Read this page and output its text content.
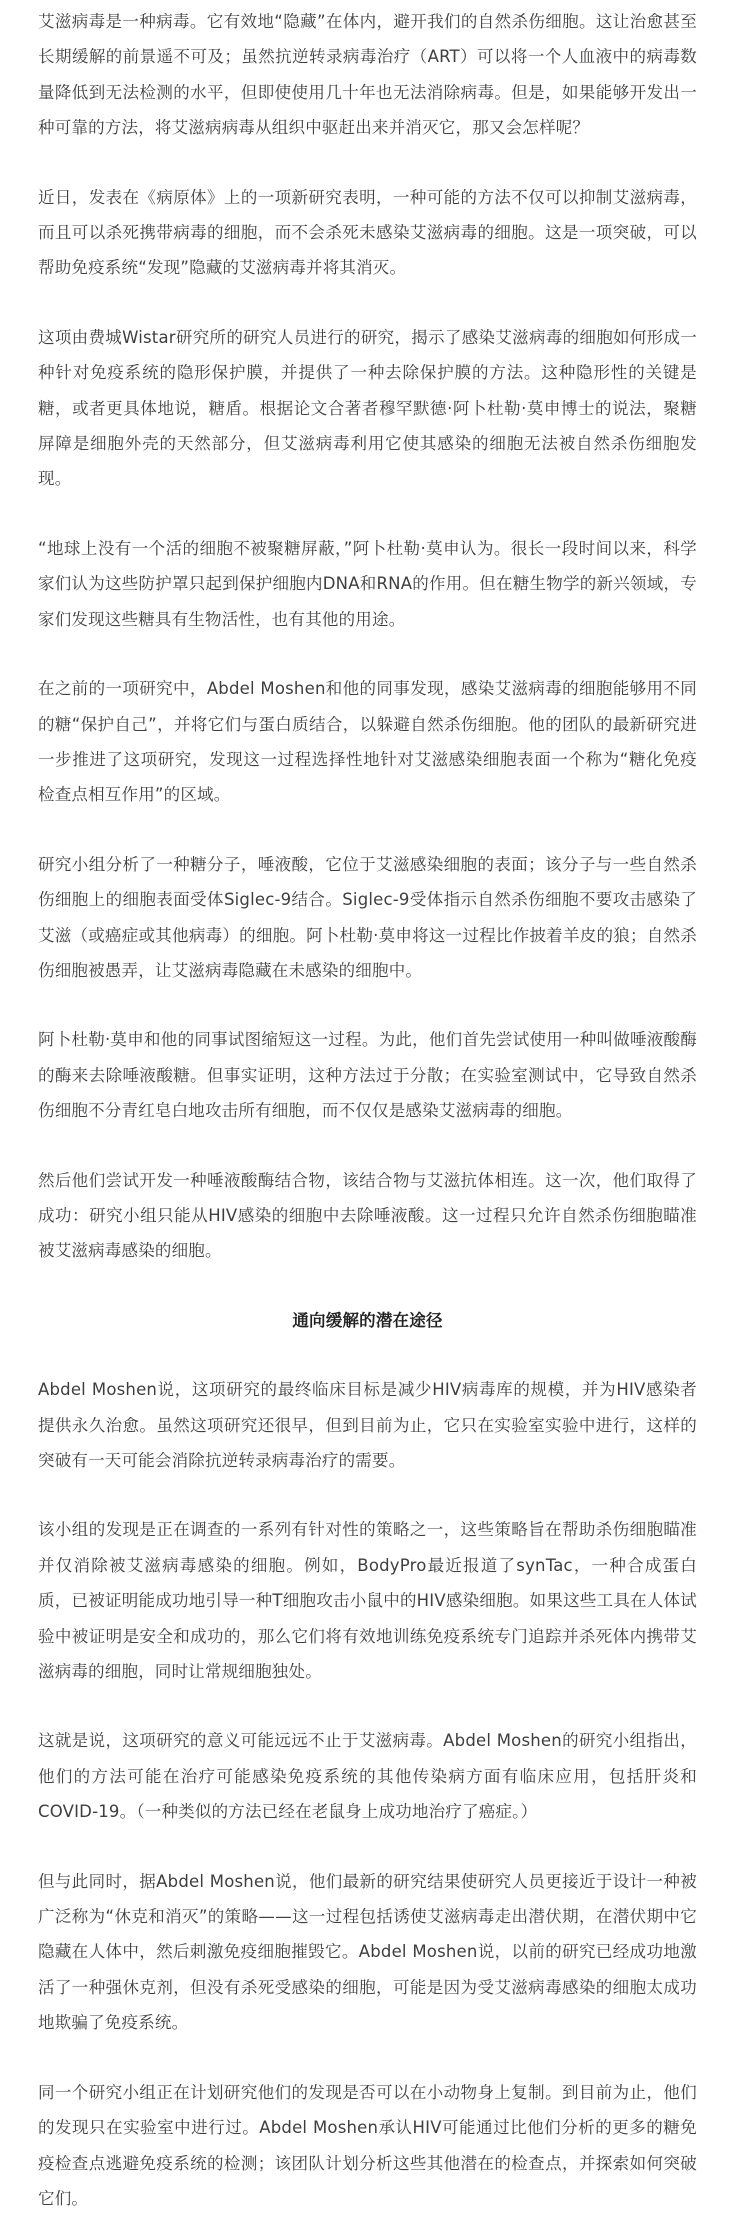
艾滋病毒是一种病毒。它有效地“隐藏”在体内，避开我们的自然杀伤细胞。这让治愈甚至长期缓解的前景遥不可及；虽然抗逆转录病毒治疗（ART）可以将一个人血液中的病毒数量降低到无法检测的水平，但即使使用几十年也无法消除病毒。但是，如果能够开发出一种可靠的方法，将艾滋病病毒从组织中驱赶出来并消灭它，那又会怎样呢？

近日，发表在《病原体》上的一项新研究表明，一种可能的方法不仅可以抑制艾滋病毒，而且可以杀死携带病毒的细胞，而不会杀死未感染艾滋病毒的细胞。这是一项突破，可以帮助免疫系统“发现”隐藏的艾滋病毒并将其消灭。

这项由费城Wistar研究所的研究人员进行的研究，揭示了感染艾滋病毒的细胞如何形成一种针对免疫系统的隐形保护膜，并提供了一种去除保护膜的方法。这种隐形性的关键是糖，或者更具体地说，糖盾。根据论文合著者穆罕默德·阿卜杜勒·莫申博士的说法，聚糖屏障是细胞外壳的天然部分，但艾滋病毒利用它使其感染的细胞无法被自然杀伤细胞发现。

“地球上没有一个活的细胞不被聚糖屏蔽，”阿卜杜勒·莫申认为。很长一段时间以来，科学家们认为这些防护罩只起到保护细胞内DNA和RNA的作用。但在糖生物学的新兴领域，专家们发现这些糖具有生物活性，也有其他的用途。

在之前的一项研究中，Abdel Moshen和他的同事发现，感染艾滋病毒的细胞能够用不同的糖“保护自己”，并将它们与蛋白质结合，以躲避自然杀伤细胞。他的团队的最新研究进一步推进了这项研究，发现这一过程选择性地针对艾滋感染细胞表面一个称为“糖化免疫检查点相互作用”的区域。

研究小组分析了一种糖分子，唾液酸，它位于艾滋感染细胞的表面；该分子与一些自然杀伤细胞上的细胞表面受体Siglec-9结合。Siglec-9受体指示自然杀伤细胞不要攻击感染了艾滋（或癌症或其他病毒）的细胞。阿卜杜勒·莫申将这一过程比作披着羊皮的狼；自然杀伤细胞被愚弄，让艾滋病毒隐藏在未感染的细胞中。

阿卜杜勒·莫申和他的同事试图缩短这一过程。为此，他们首先尝试使用一种叫做唾液酸酶的酶来去除唾液酸糖。但事实证明，这种方法过于分散；在实验室测试中，它导致自然杀伤细胞不分青红皂白地攻击所有细胞，而不仅仅是感染艾滋病毒的细胞。

然后他们尝试开发一种唾液酸酶结合物，该结合物与艾滋抗体相连。这一次，他们取得了成功：研究小组只能从HIV感染的细胞中去除唾液酸。这一过程只允许自然杀伤细胞瞄准被艾滋病毒感染的细胞。

通向缓解的潜在途径

Abdel Moshen说，这项研究的最终临床目标是减少HIV病毒库的规模，并为HIV感染者提供永久治愈。虽然这项研究还很早，但到目前为止，它只在实验室实验中进行，这样的突破有一天可能会消除抗逆转录病毒治疗的需要。

该小组的发现是正在调查的一系列有针对性的策略之一，这些策略旨在帮助杀伤细胞瞄准并仅消除被艾滋病毒感染的细胞。例如，BodyPro最近报道了synTac，一种合成蛋白质，已被证明能成功地引导一种T细胞攻击小鼠中的HIV感染细胞。如果这些工具在人体试验中被证明是安全和成功的，那么它们将有效地训练免疫系统专门追踪并杀死体内携带艾滋病毒的细胞，同时让常规细胞独处。

这就是说，这项研究的意义可能远远不止于艾滋病毒。Abdel Moshen的研究小组指出，他们的方法可能在治疗可能感染免疫系统的其他传染病方面有临床应用，包括肝炎和COVID-19。（一种类似的方法已经在老鼠身上成功地治疗了癌症。）

但与此同时，据Abdel Moshen说，他们最新的研究结果使研究人员更接近于设计一种被广泛称为“休克和消灭”的策略——这一过程包括诱使艾滋病毒走出潜伏期，在潜伏期中它隐藏在人体中，然后刺激免疫细胞摧毁它。Abdel Moshen说，以前的研究已经成功地激活了一种强休克剂，但没有杀死受感染的细胞，可能是因为受艾滋病毒感染的细胞太成功地欺骗了免疫系统。

同一个研究小组正在计划研究他们的发现是否可以在小动物身上复制。到目前为止，他们的发现只在实验室中进行过。Abdel Moshen承认HIV可能通过比他们分析的更多的糖免疫检查点逃避免疫系统的检测；该团队计划分析这些其他潜在的检查点，并探索如何突破它们。
